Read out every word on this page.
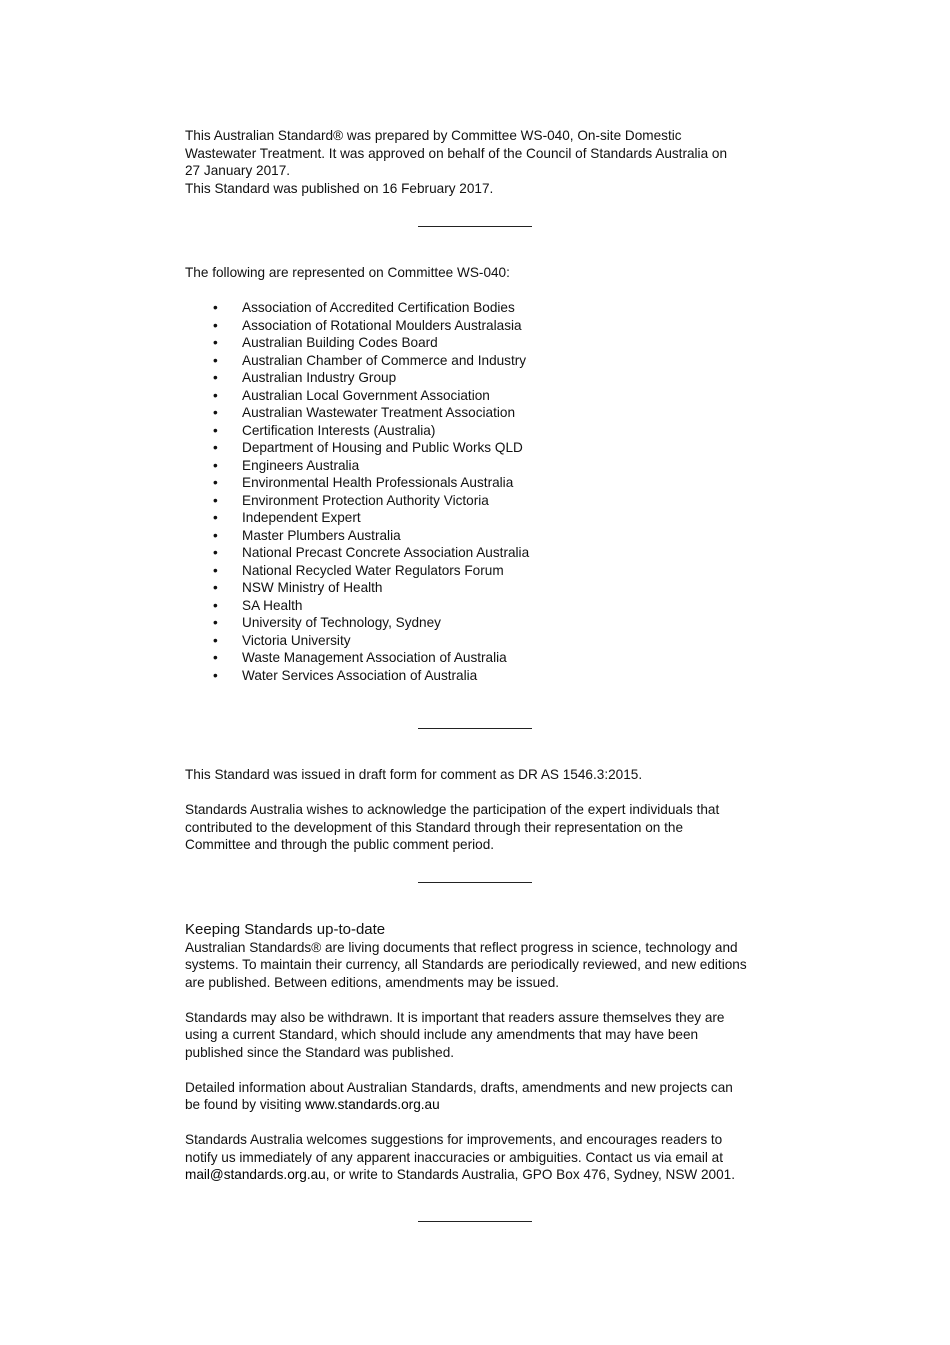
This Australian Standard® was prepared by Committee WS-040, On-site Domestic

Wastewater Treatment. It was approved on behalf of the Council of Standards Australia on

27 January 2017.

This Standard was published on 16 February 2017.

The following are represented on Committee WS-040:

• Association of Accredited Certification Bodies
• Association of Rotational Moulders Australasia
• Australian Building Codes Board
• Australian Chamber of Commerce and Industry
• Australian Industry Group
• Australian Local Government Association
• Australian Wastewater Treatment Association
• Certification Interests (Australia)
• Department of Housing and Public Works QLD
• Engineers Australia
• Environmental Health Professionals Australia
• Environment Protection Authority Victoria
• Independent Expert
• Master Plumbers Australia
• National Precast Concrete Association Australia
• National Recycled Water Regulators Forum
• NSW Ministry of Health
• SA Health
• University of Technology, Sydney
• Victoria University
• Waste Management Association of Australia
• Water Services Association of Australia

This Standard was issued in draft form for comment as DR AS 1546.3:2015.

Standards Australia wishes to acknowledge the participation of the expert individuals that

contributed to the development of this Standard through their representation on the

Committee and through the public comment period.

Keeping Standards up-to-date

Australian Standards® are living documents that reflect progress in science, technology and

systems. To maintain their currency, all Standards are periodically reviewed, and new editions

are published. Between editions, amendments may be issued.

Standards may also be withdrawn. It is important that readers assure themselves they are

using a current Standard, which should include any amendments that may have been

published since the Standard was published.

Detailed information about Australian Standards, drafts, amendments and new projects can

be found by visiting www.standards.org.au

Standards Australia welcomes suggestions for improvements, and encourages readers to

notify us immediately of any apparent inaccuracies or ambiguities. Contact us via email at

mail@standards.org.au, or write to Standards Australia, GPO Box 476, Sydney, NSW 2001.
